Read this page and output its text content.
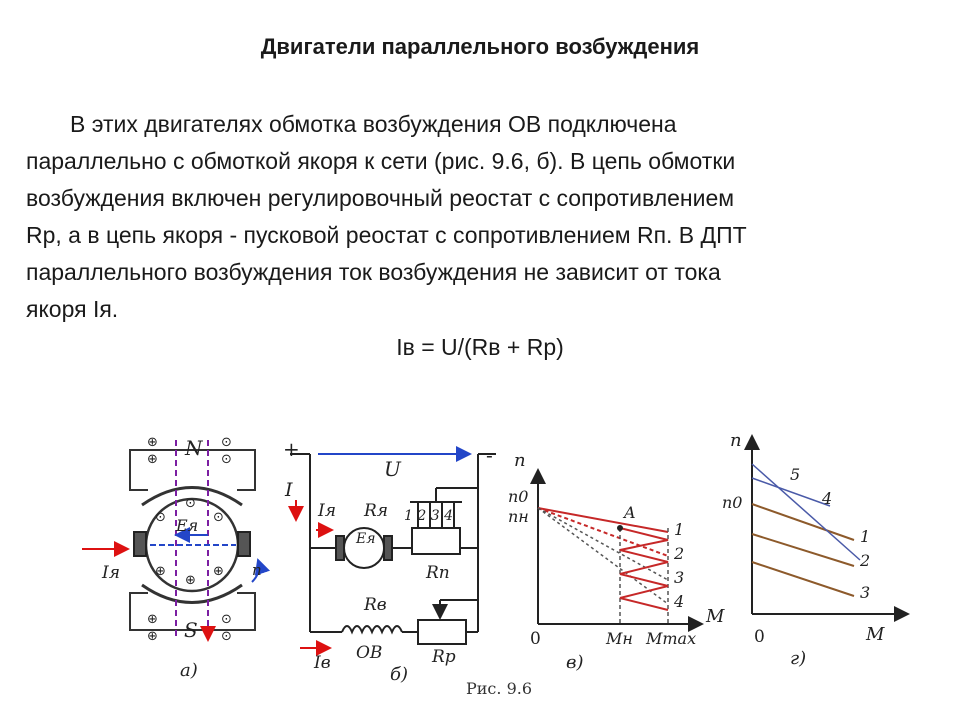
Двигатели параллельного возбуждения
В этих двигателях обмотка возбуждения ОВ подключена
параллельно с обмоткой якоря к сети (рис. 9.6, б). В цепь обмотки
возбуждения включен регулировочный реостат с сопротивлением
Rр, а в цепь якоря - пусковой реостат с сопротивлением Rп. В ДПТ
параллельного возбуждения ток возбуждения не зависит от тока
якоря Iя.
Iв = U/(Rв + Rр)
⊕
⊕
⊙
⊙
⊕
⊕
⊙
⊙
⊙
⊙	⊙
⊕	⊕
⊕
N
S
Eя
Iя	n
а)
+	-
U
I
Iя Rя
Eя
1 2 3 4
Rп
Rв
ОВ
Iв	Rр
б)
n
M
0
n0
nн	A
Mн Mmax
1
2
3
4
в)
n
M
0
n0
1
2
3
4
5
г)
Рис. 9.6
